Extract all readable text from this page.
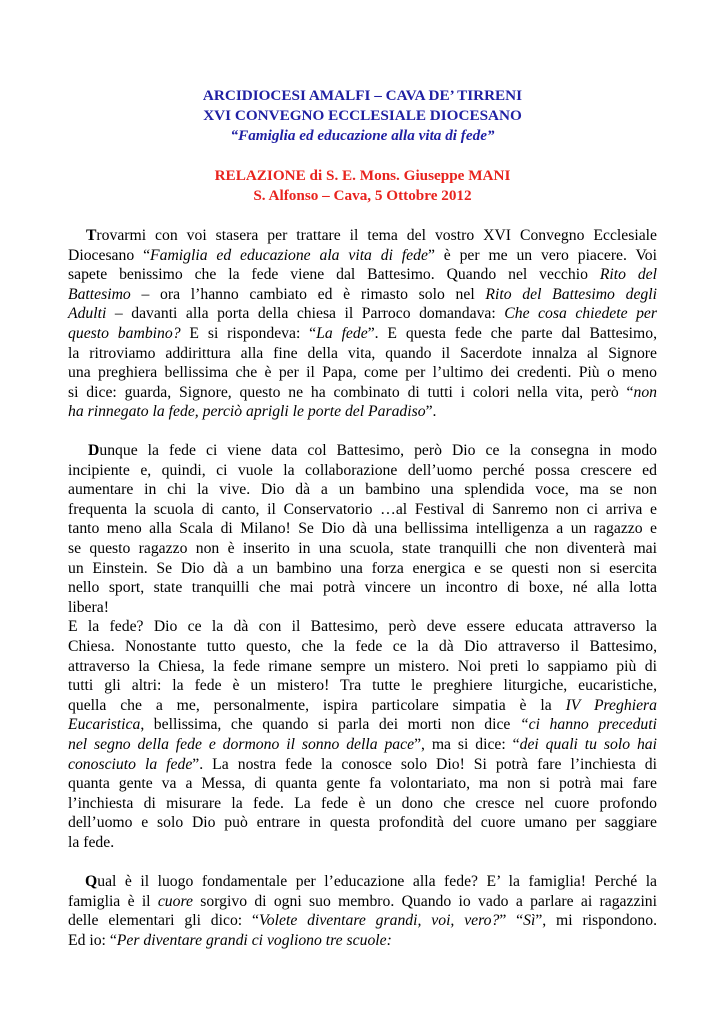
ARCIDIOCESI AMALFI – CAVA DE’ TIRRENI
XVI CONVEGNO ECCLESIALE DIOCESANO
“Famiglia ed educazione alla vita di fede”
RELAZIONE di S. E. Mons. Giuseppe MANI
S. Alfonso – Cava, 5 Ottobre 2012
Trovarmi con voi stasera per trattare il tema del vostro XVI Convegno Ecclesiale
Diocesano “Famiglia ed educazione ala vita di fede” è per me un vero piacere. Voi
sapete benissimo che la fede viene dal Battesimo. Quando nel vecchio Rito del
Battesimo – ora l’hanno cambiato ed è rimasto solo nel Rito del Battesimo degli
Adulti – davanti alla porta della chiesa il Parroco domandava: Che cosa chiedete per
questo bambino? E si rispondeva: “La fede”. E questa fede che parte dal Battesimo,
la ritroviamo addirittura alla fine della vita, quando il Sacerdote innalza al Signore
una preghiera bellissima che è per il Papa, come per l’ultimo dei credenti. Più o meno
si dice: guarda, Signore, questo ne ha combinato di tutti i colori nella vita, però “non
ha rinnegato la fede, perciò aprigli le porte del Paradiso”.
Dunque la fede ci viene data col Battesimo, però Dio ce la consegna in modo
incipiente e, quindi, ci vuole la collaborazione dell’uomo perché possa crescere ed
aumentare in chi la vive. Dio dà a un bambino una splendida voce, ma se non
frequenta la scuola di canto, il Conservatorio …al Festival di Sanremo non ci arriva e
tanto meno alla Scala di Milano! Se Dio dà una bellissima intelligenza a un ragazzo e
se questo ragazzo non è inserito in una scuola, state tranquilli che non diventerà mai
un Einstein. Se Dio dà a un bambino una forza energica e se questi non si esercita
nello sport, state tranquilli che mai potrà vincere un incontro di boxe, né alla lotta
libera!
E la fede? Dio ce la dà con il Battesimo, però deve essere educata attraverso la
Chiesa. Nonostante tutto questo, che la fede ce la dà Dio attraverso il Battesimo,
attraverso la Chiesa, la fede rimane sempre un mistero. Noi preti lo sappiamo più di
tutti gli altri: la fede è un mistero! Tra tutte le preghiere liturgiche, eucaristiche,
quella che a me, personalmente, ispira particolare simpatia è la IV Preghiera
Eucaristica, bellissima, che quando si parla dei morti non dice “ci hanno preceduti
nel segno della fede e dormono il sonno della pace”, ma si dice: “dei quali tu solo hai
conosciuto la fede”. La nostra fede la conosce solo Dio! Si potrà fare l’inchiesta di
quanta gente va a Messa, di quanta gente fa volontariato, ma non si potrà mai fare
l’inchiesta di misurare la fede. La fede è un dono che cresce nel cuore profondo
dell’uomo e solo Dio può entrare in questa profondità del cuore umano per saggiare
la fede.
Qual è il luogo fondamentale per l’educazione alla fede? E’ la famiglia! Perché la
famiglia è il cuore sorgivo di ogni suo membro. Quando io vado a parlare ai ragazzini
delle elementari gli dico: “Volete diventare grandi, voi, vero?” “Sì”, mi rispondono.
Ed io: “Per diventare grandi ci vogliono tre scuole:
